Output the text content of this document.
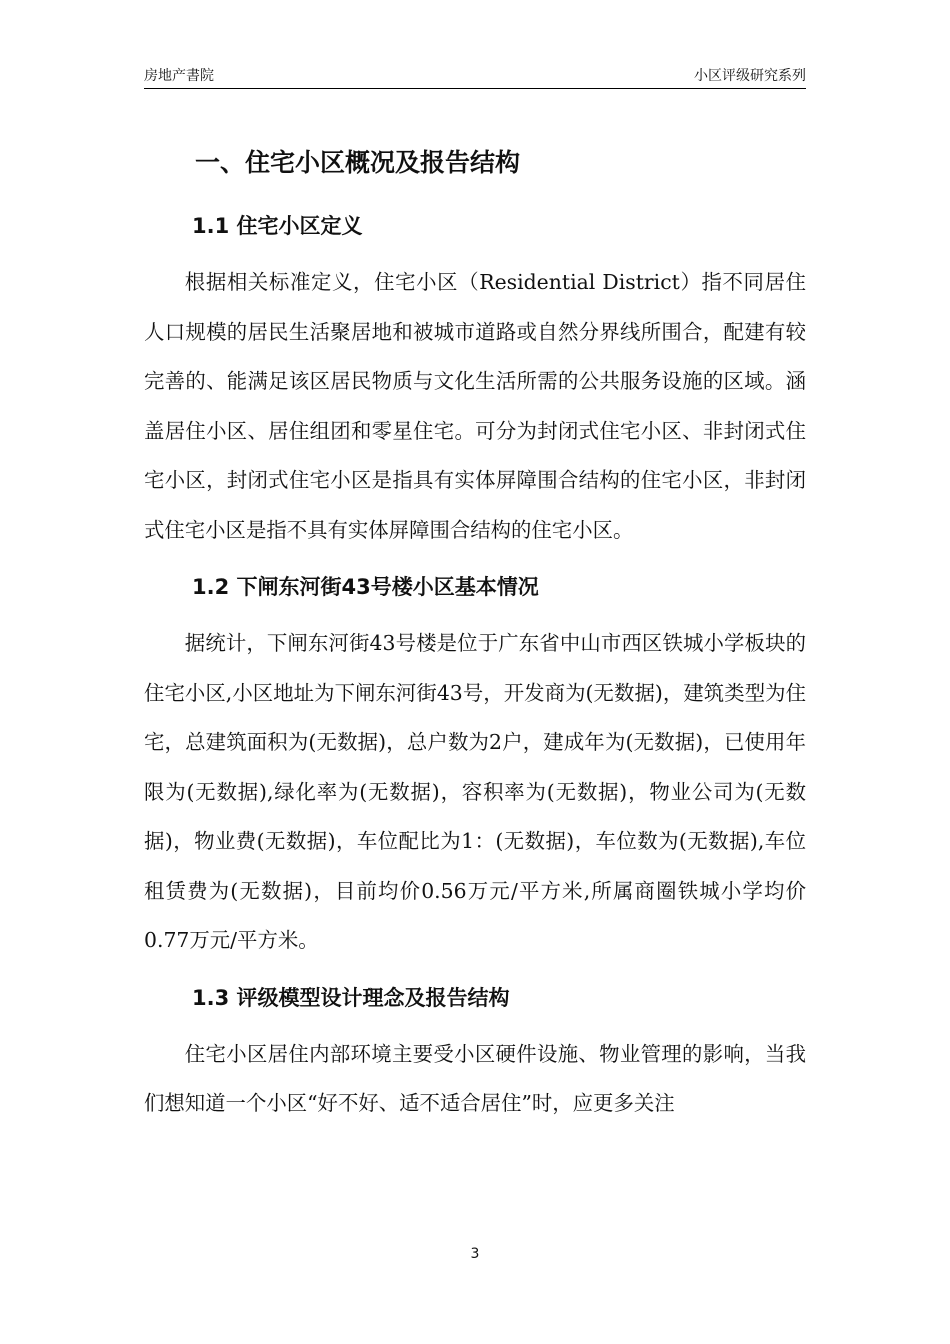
房地产書院	小区评级研究系列
一、住宅小区概况及报告结构
1.1 住宅小区定义

根据相关标准定义，住宅小区（Residential District）指不同居住人口规模的居民生活聚居地和被城市道路或自然分界线所围合，配建有较完善的、能满足该区居民物质与文化生活所需的公共服务设施的区域。涵盖居住小区、居住组团和零星住宅。可分为封闭式住宅小区、非封闭式住宅小区，封闭式住宅小区是指具有实体屏障围合结构的住宅小区，非封闭式住宅小区是指不具有实体屏障围合结构的住宅小区。

1.2 下闸东河街43号楼小区基本情况

据统计，下闸东河街43号楼是位于广东省中山市西区铁城小学板块的住宅小区,小区地址为下闸东河街43号，开发商为(无数据)，建筑类型为住宅，总建筑面积为(无数据)，总户数为2户，建成年为(无数据)，已使用年限为(无数据),绿化率为(无数据)，容积率为(无数据)，物业公司为(无数据)，物业费(无数据)，车位配比为1：(无数据)，车位数为(无数据),车位租赁费为(无数据)，目前均价0.56万元/平方米,所属商圈铁城小学均价0.77万元/平方米。

1.3 评级模型设计理念及报告结构

住宅小区居住内部环境主要受小区硬件设施、物业管理的影响，当我们想知道一个小区“好不好、适不适合居住”时，应更多关注

3
